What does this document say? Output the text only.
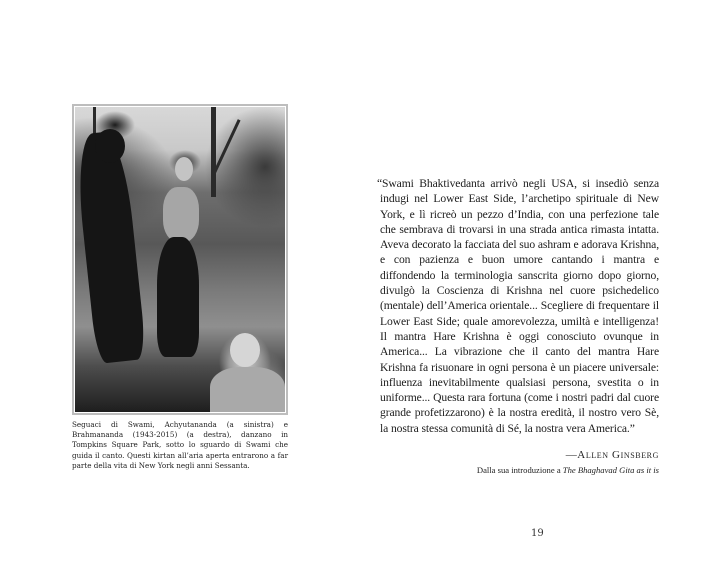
Seguaci di Swami, Achyutananda (a sinistra) e Brahmananda (1943-2015) (a destra), danzano in Tompkins Square Park, sotto lo sguardo di Swami che guida il canto. Questi kirtan all’aria aperta entrarono a far parte della vita di New York negli anni Sessanta.
“Swami Bhaktivedanta arrivò negli USA, si insediò senza indugi nel Lower East Side, l’archetipo spirituale di New York, e lì ricreò un pezzo d’India, con una perfezione tale che sembrava di trovarsi in una strada antica rimasta intatta. Aveva decorato la facciata del suo ashram e adorava Krishna, e con pazienza e buon umore cantando i mantra e diffondendo la terminologia sanscrita giorno dopo giorno, divulgò la Coscienza di Krishna nel cuore psichedelico (mentale) dell’America orientale... Scegliere di frequentare il Lower East Side; quale amorevolezza, umiltà e intelligenza! Il mantra Hare Krishna è oggi conosciuto ovunque in America... La vibrazione che il canto del mantra Hare Krishna fa risuonare in ogni persona è un piacere universale: influenza inevitabilmente qualsiasi persona, svestita o in uniforme... Questa rara fortuna (come i nostri padri dal cuore grande profetizzarono) è la nostra eredità, il nostro vero Sè, la nostra stessa comunità di Sé, la nostra vera America.”
—Allen Ginsberg
Dalla sua introduzione a The Bhaghavad Gita as it is
19
